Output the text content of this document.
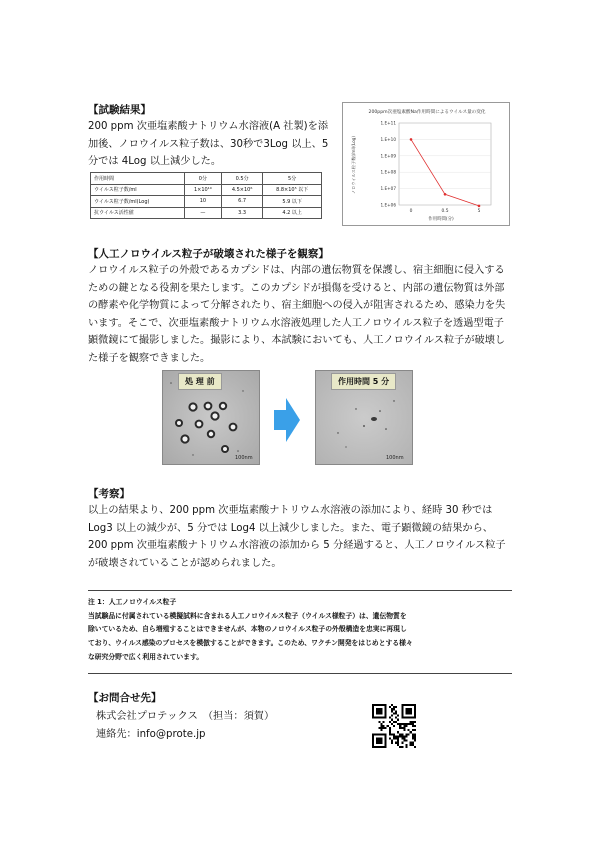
【試験結果】
200 ppm 次亜塩素酸ナトリウム水溶液(A 社製)を添
加後、ノロウイルス粒子数は、30秒で3Log 以上、5
分では 4Log 以上減少した。
作用時間	0分	0.5分	5分
ウイルス粒子数/ml	1×10¹⁰	4.5×10⁶	8.8×10⁵ 以下
ウイルス粒子数/ml(Log)	10	6.7	5.9 以下
抗ウイルス活性値	—	3.3	4.2 以上
200ppm次亜塩素酸Na作用時間によるウイルス量の変化
ノロウイルス粒子数(/ml)(Log)
作用時間(分)
1.E+11
1.E+10
1.E+09
1.E+08
1.E+07
1.E+06
0	0.5	5
【人工ノロウイルス粒子が破壊された様子を観察】
ノロウイルス粒子の外殻であるカプシドは、内部の遺伝物質を保護し、宿主細胞に侵入する
ための鍵となる役割を果たします。このカプシドが損傷を受けると、内部の遺伝物質は外部
の酵素や化学物質によって分解されたり、宿主細胞への侵入が阻害されるため、感染力を失
います。そこで、次亜塩素酸ナトリウム水溶液処理した人工ノロウイルス粒子を透過型電子
顕微鏡にて撮影しました。撮影により、本試験においても、人工ノロウイルス粒子が破壊し
た様子を観察できました。
100nm
処 理 前
100nm
作用時間 5 分
【考察】
以上の結果より、200 ppm 次亜塩素酸ナトリウム水溶液の添加により、経時 30 秒では
Log3 以上の減少が、5 分では Log4 以上減少しました。また、電子顕微鏡の結果から、
200 ppm 次亜塩素酸ナトリウム水溶液の添加から 5 分経過すると、人工ノロウイルス粒子
が破壊されていることが認められました。
注 1：人工ノロウイルス粒子
当試験品に付属されている模擬試料に含まれる人工ノロウイルス粒子（ウイルス様粒子）は、遺伝物質を
除いているため、自ら増殖することはできませんが、本物のノロウイルス粒子の外殻構造を忠実に再現し
ており、ウイルス感染のプロセスを模倣することができます。このため、ワクチン開発をはじめとする様々
な研究分野で広く利用されています。
【お問合せ先】
株式会社プロテックス　（担当：須賀）
連絡先：info@prote.jp
